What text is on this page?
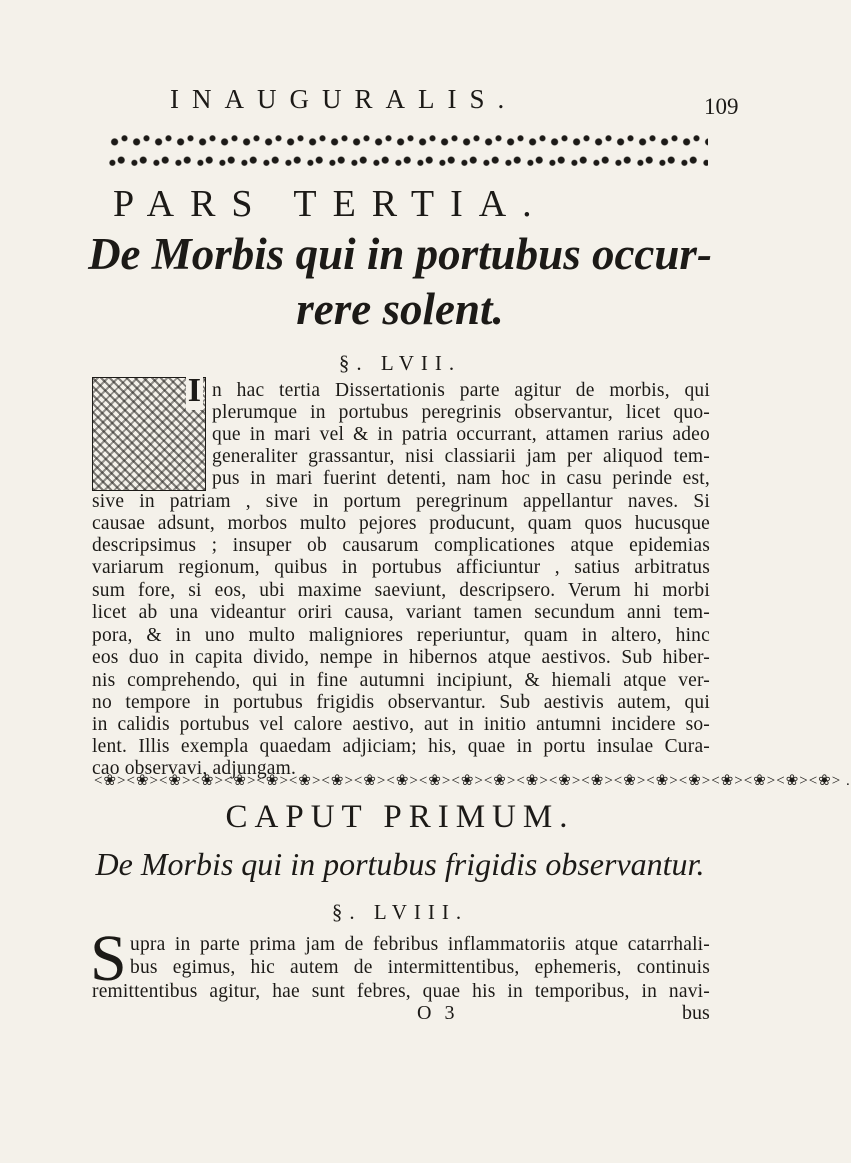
INAUGURALIS.	109
PARS TERTIA.
De Morbis qui in portubus occur-
rere solent.
§. LVII.
I n hac tertia Dissertationis parte agitur de morbis, qui
plerumque in portubus peregrinis observantur, licet quo-
que in mari vel & in patria occurrant, attamen rarius adeo
generaliter grassantur, nisi classiarii jam per aliquod tem-
pus in mari fuerint detenti, nam hoc in casu perinde est,
sive in patriam , sive in portum peregrinum appellantur naves. Si
causae adsunt, morbos multo pejores producunt, quam quos hucusque
descripsimus ; insuper ob causarum complicationes atque epidemias
variarum regionum, quibus in portubus afficiuntur , satius arbitratus
sum fore, si eos, ubi maxime saeviunt, descripsero. Verum hi morbi
licet ab una videantur oriri causa, variant tamen secundum anni tem-
pora, & in uno multo maligniores reperiuntur, quam in altero, hinc
eos duo in capita divido, nempe in hibernos atque aestivos. Sub hiber-
nis comprehendo, qui in fine autumni incipiunt, & hiemali atque ver-
no tempore in portubus frigidis observantur. Sub aestivis autem, qui
in calidis portubus vel calore aestivo, aut in initio antumni incidere so-
lent. Illis exempla quaedam adjiciam; his, quae in portu insulae Cura-
cao observavi, adjungam.
<❀><❀><❀><❀><❀><❀><❀><❀><❀><❀><❀><❀><❀><❀><❀><❀><❀><❀><❀><❀><❀><❀><❀> .
CAPUT PRIMUM.
De Morbis qui in portubus frigidis observantur.
§. LVIII.
S upra in parte prima jam de febribus inflammatoriis atque catarrhali-
bus egimus, hic autem de intermittentibus, ephemeris, continuis
remittentibus agitur, hae sunt febres, quae his in temporibus, in navi-
O 3	bus
